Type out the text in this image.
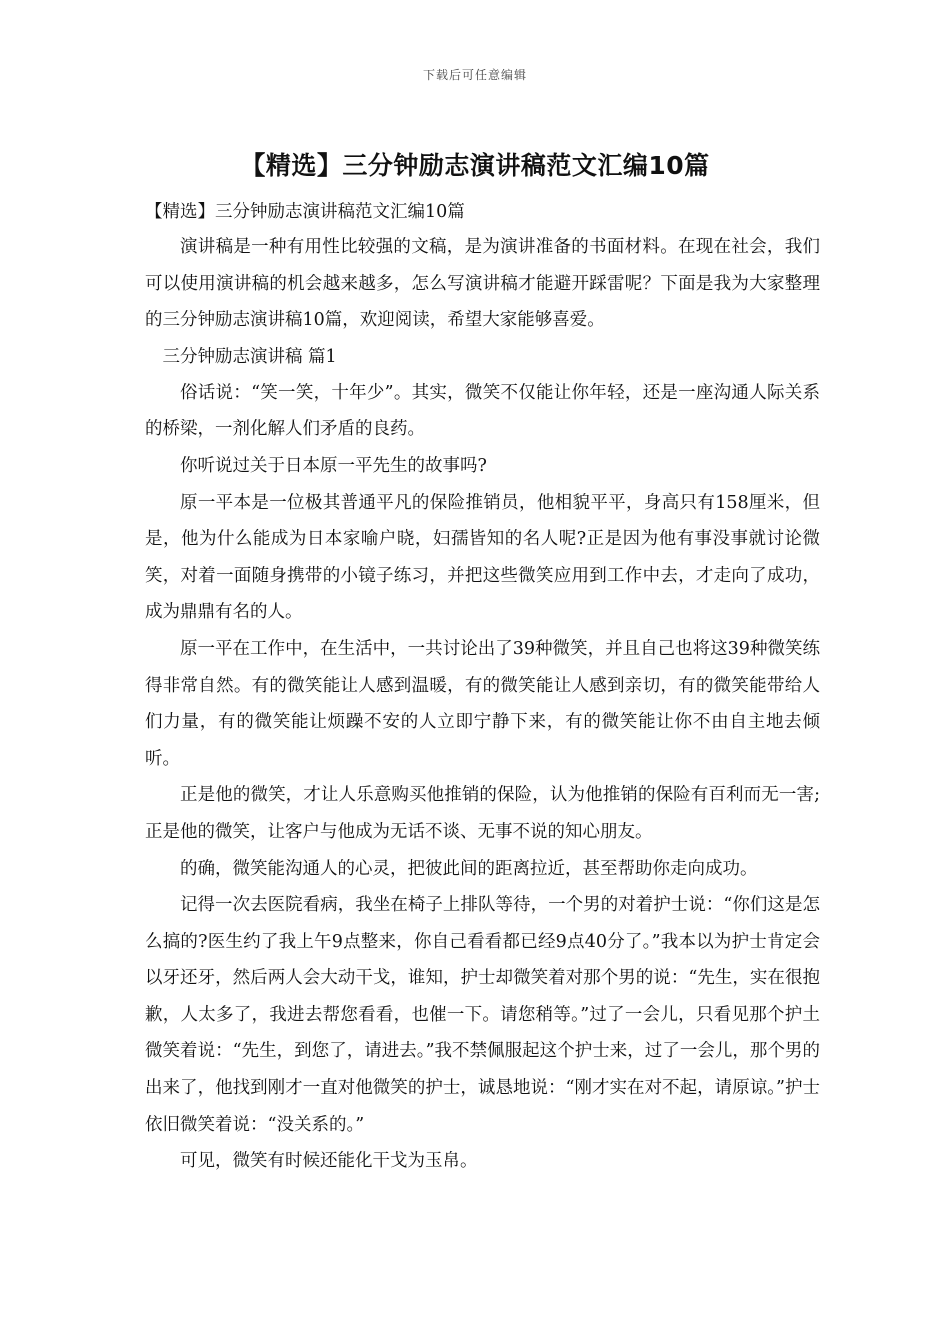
下载后可任意编辑
【精选】三分钟励志演讲稿范文汇编10篇

【精选】三分钟励志演讲稿范文汇编10篇

演讲稿是一种有用性比较强的文稿，是为演讲准备的书面材料。在现在社会，我们可以使用演讲稿的机会越来越多，怎么写演讲稿才能避开踩雷呢？下面是我为大家整理的三分钟励志演讲稿10篇，欢迎阅读，希望大家能够喜爱。

三分钟励志演讲稿 篇1

俗话说：“笑一笑，十年少”。其实，微笑不仅能让你年轻，还是一座沟通人际关系的桥梁，一剂化解人们矛盾的良药。

你听说过关于日本原一平先生的故事吗?

原一平本是一位极其普通平凡的保险推销员，他相貌平平，身高只有158厘米，但是，他为什么能成为日本家喻户晓，妇孺皆知的名人呢?正是因为他有事没事就讨论微笑，对着一面随身携带的小镜子练习，并把这些微笑应用到工作中去，才走向了成功，成为鼎鼎有名的人。

原一平在工作中，在生活中，一共讨论出了39种微笑，并且自己也将这39种微笑练得非常自然。有的微笑能让人感到温暖，有的微笑能让人感到亲切，有的微笑能带给人们力量，有的微笑能让烦躁不安的人立即宁静下来，有的微笑能让你不由自主地去倾听。

正是他的微笑，才让人乐意购买他推销的保险，认为他推销的保险有百利而无一害;正是他的微笑，让客户与他成为无话不谈、无事不说的知心朋友。

的确，微笑能沟通人的心灵，把彼此间的距离拉近，甚至帮助你走向成功。

记得一次去医院看病，我坐在椅子上排队等待，一个男的对着护士说：“你们这是怎么搞的?医生约了我上午9点整来，你自己看看都已经9点40分了。”我本以为护士肯定会以牙还牙，然后两人会大动干戈，谁知，护士却微笑着对那个男的说：“先生，实在很抱歉，人太多了，我进去帮您看看，也催一下。请您稍等。”过了一会儿，只看见那个护土微笑着说：“先生，到您了，请进去。”我不禁佩服起这个护士来，过了一会儿，那个男的出来了，他找到刚才一直对他微笑的护士，诚恳地说：“刚才实在对不起，请原谅。”护士依旧微笑着说：“没关系的。”

可见，微笑有时候还能化干戈为玉帛。
